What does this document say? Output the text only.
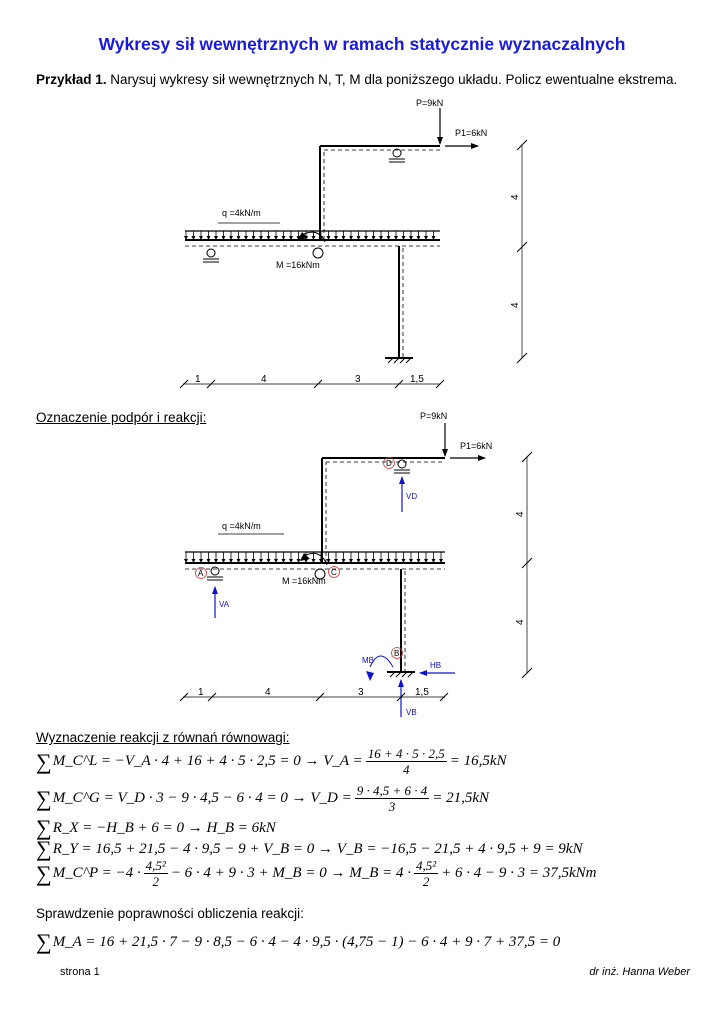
Wykresy sił wewnętrznych w ramach statycznie wyznaczalnych
Przykład 1. Narysuj wykresy sił wewnętrznych N, T, M dla poniższego układu. Policz ewentualne ekstrema.
P=9kN
P1=6kN
q =4kN/m
M =16kNm
4
4
1	4	3	1,5
Oznaczenie podpór i reakcji:	P=9kN
P1=6kN
q =4kN/m
M =16kNm
A	C
D
B
VA
VD
VB
HB
MB
4
4
1	4	3	1,5
Wyznaczenie reakcji z równań równowagi:
∑ M_C^L = −V_A · 4 + 16 + 4 · 5 · 2,5 = 0 → V_A = $\frac{16 + 4 \cdot 5 \cdot 2,5}{4} = 16,5kN$
∑ M_C^G = V_D · 3 − 9 · 4,5 − 6 · 4 = 0 → V_D = $\frac{9 \cdot 4,5 + 6 \cdot 4}{3} = 21,5kN$
∑ R_X = −H_B + 6 = 0 → H_B = 6kN
∑ R_Y = 16,5 + 21,5 − 4 · 9,5 − 9 + V_B = 0 → V_B = −16,5 − 21,5 + 4 · 9,5 + 9 = 9kN
∑ M_C^P = $-4 \cdot \frac{\text{4,5²}}{2} - 6 \cdot 4 + 9 \cdot 3$ + M_B = 0 → M_B = $4 \cdot \frac{\text{4,5²}}{2} + 6 \cdot 4 - 9 \cdot 3 = 37,5kNm$
Sprawdzenie poprawności obliczenia reakcji:
∑ M_A = 16 + 21,5 · 7 − 9 · 8,5 − 6 · 4 − 4 · 9,5 · (4,75 − 1) − 6 · 4 + 9 · 7 + 37,5 = 0
strona 1	dr inż. Hanna Weber
